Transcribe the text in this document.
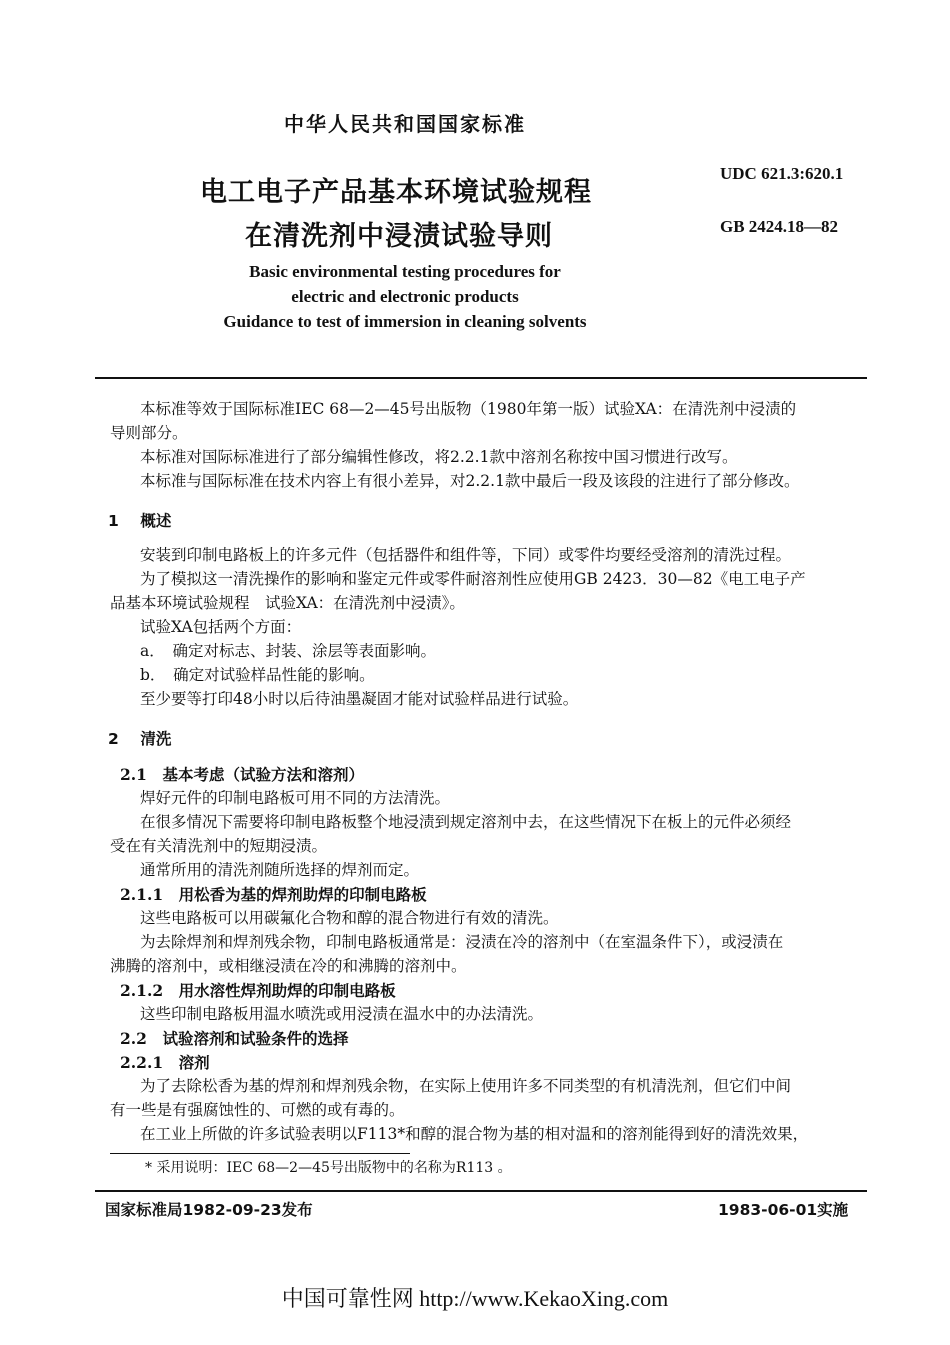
中华人民共和国国家标准
电工电子产品基本环境试验规程
在清洗剂中浸渍试验导则
UDC 621.3:620.1
GB 2424.18—82
Basic environmental testing procedures for
electric and electronic products
Guidance to test of immersion in cleaning solvents
本标准等效于国际标准IEC 68—2—45号出版物（1980年第一版）试验XA：在清洗剂中浸渍的
导则部分。
本标准对国际标准进行了部分编辑性修改，将2.2.1款中溶剂名称按中国习惯进行改写。
本标准与国际标准在技术内容上有很小差异，对2.2.1款中最后一段及该段的注进行了部分修改。
1 概述
安装到印制电路板上的许多元件（包括器件和组件等，下同）或零件均要经受溶剂的清洗过程。
为了模拟这一清洗操作的影响和鉴定元件或零件耐溶剂性应使用GB 2423．30—82《电工电子产
品基本环境试验规程　试验XA：在清洗剂中浸渍》。
试验XA包括两个方面：
a．　确定对标志、封装、涂层等表面影响。
b．　确定对试验样品性能的影响。
至少要等打印48小时以后待油墨凝固才能对试验样品进行试验。
2 清洗
2.1　基本考虑（试验方法和溶剂）
焊好元件的印制电路板可用不同的方法清洗。
在很多情况下需要将印制电路板整个地浸渍到规定溶剂中去，在这些情况下在板上的元件必须经
受在有关清洗剂中的短期浸渍。
通常所用的清洗剂随所选择的焊剂而定。
2.1.1　用松香为基的焊剂助焊的印制电路板
这些电路板可以用碳氟化合物和醇的混合物进行有效的清洗。
为去除焊剂和焊剂残余物，印制电路板通常是：浸渍在冷的溶剂中（在室温条件下），或浸渍在
沸腾的溶剂中，或相继浸渍在冷的和沸腾的溶剂中。
2.1.2　用水溶性焊剂助焊的印制电路板
这些印制电路板用温水喷洗或用浸渍在温水中的办法清洗。
2.2　试验溶剂和试验条件的选择
2.2.1　溶剂
为了去除松香为基的焊剂和焊剂残余物，在实际上使用许多不同类型的有机清洗剂，但它们中间
有一些是有强腐蚀性的、可燃的或有毒的。
在工业上所做的许多试验表明以F113*和醇的混合物为基的相对温和的溶剂能得到好的清洗效果，
* 采用说明：IEC 68—2—45号出版物中的名称为R113 。
国家标准局1982-09-23发布	1983-06-01实施
中国可靠性网 http://www.KekaoXing.com
